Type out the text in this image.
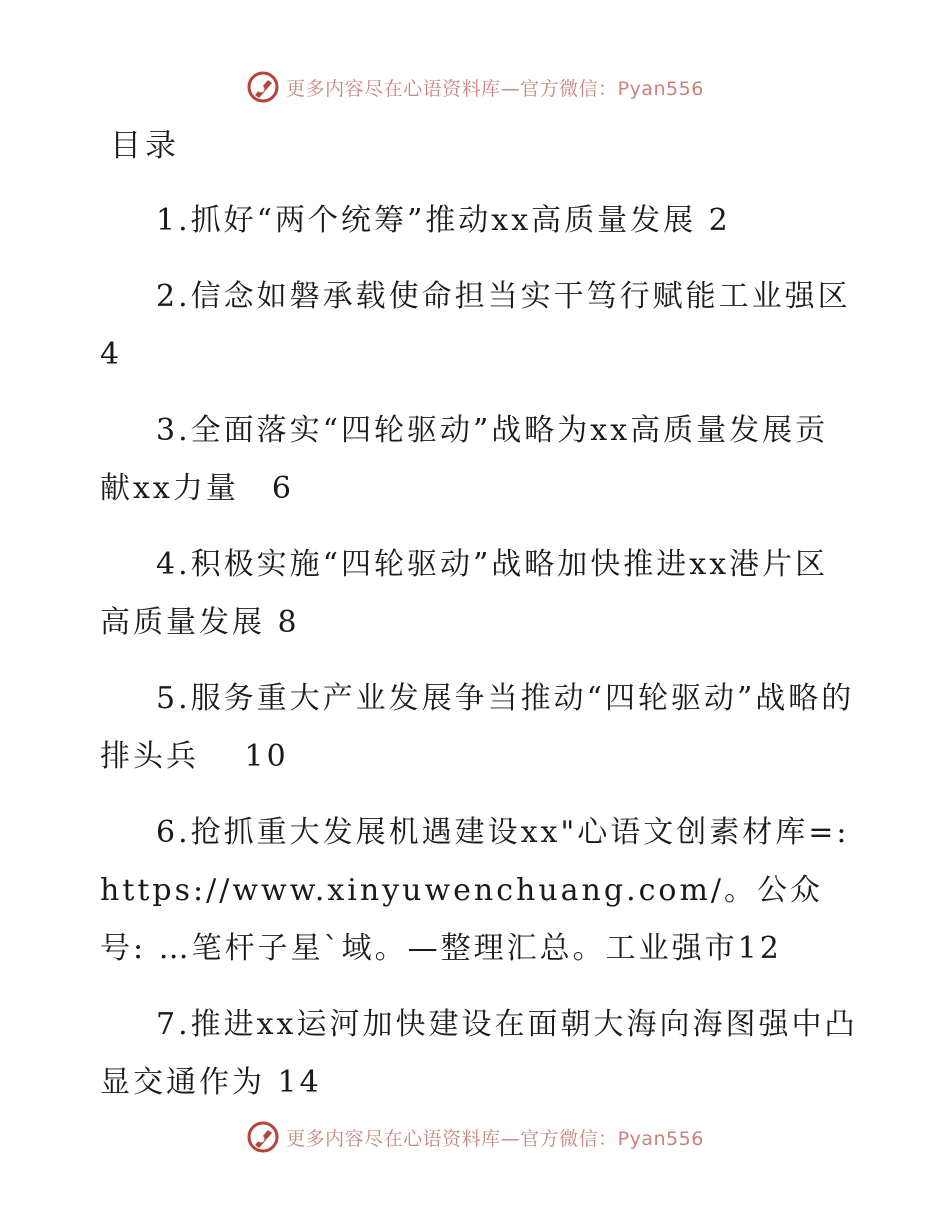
更多内容尽在心语资料库—官方微信：Pyan556
目录
1.抓好“两个统筹”推动xx高质量发展 2
2.信念如磐承载使命担当实干笃行赋能工业强区 4
3.全面落实“四轮驱动”战略为xx高质量发展贡献xx力量　6
4.积极实施“四轮驱动”战略加快推进xx港片区高质量发展 8
5.服务重大产业发展争当推动“四轮驱动”战略的排头兵　 10
6.抢抓重大发展机遇建设xx"心语文创素材库=: https://www.xinyuwenchuang.com/。公众号: …笔杆子星`域。—整理汇总。工业强市12
7.推进xx运河加快建设在面朝大海向海图强中凸显交通作为 14
更多内容尽在心语资料库—官方微信：Pyan556
